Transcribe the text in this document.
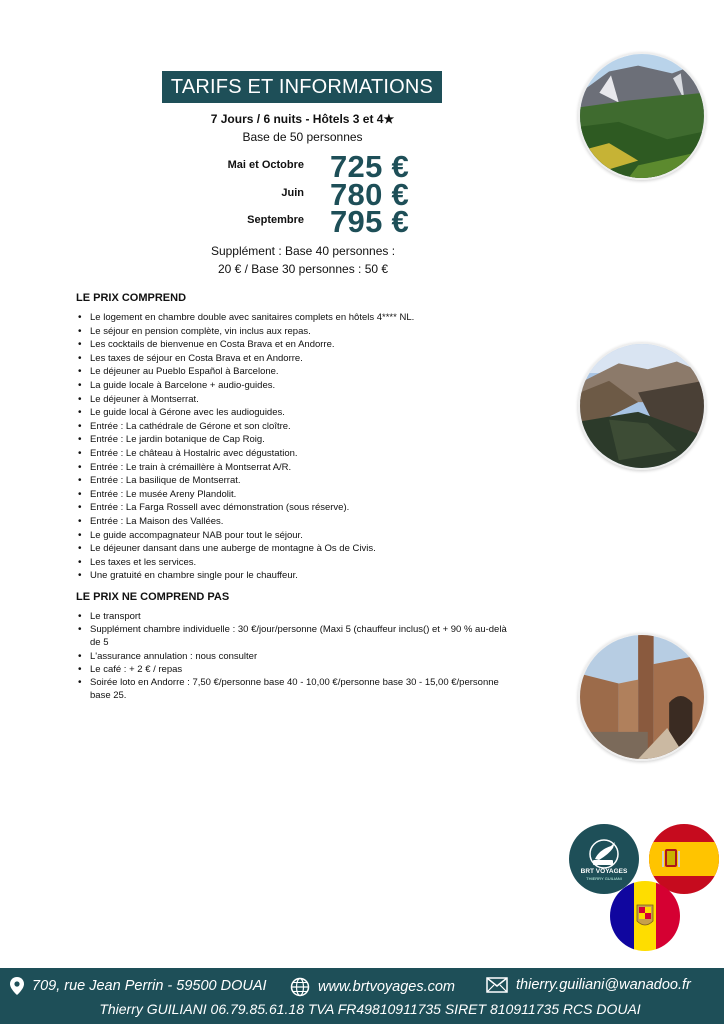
TARIFS ET INFORMATIONS
7 Jours / 6 nuits - Hôtels 3 et 4★
Base de 50 personnes
Mai et Octobre 725 €
Juin 780 €
Septembre 795 €
Supplément : Base 40 personnes :
20 € / Base 30 personnes : 50 €
LE PRIX COMPREND
• Le logement en chambre double avec sanitaires complets en hôtels 4**** NL.
• Le séjour en pension complète, vin inclus aux repas.
• Les cocktails de bienvenue en Costa Brava et en Andorre.
• Les taxes de séjour en Costa Brava et en Andorre.
• Le déjeuner au Pueblo Español à Barcelone.
• La guide locale à Barcelone + audio-guides.
• Le déjeuner à Montserrat.
• Le guide local à Gérone avec les audioguides.
• Entrée : La cathédrale de Gérone et son cloître.
• Entrée : Le jardin botanique de Cap Roig.
• Entrée : Le château à Hostalric avec dégustation.
• Entrée : Le train à crémaillère à Montserrat A/R.
• Entrée : La basilique de Montserrat.
• Entrée : Le musée Areny Plandolit.
• Entrée : La Farga Rossell avec démonstration (sous réserve).
• Entrée : La Maison des Vallées.
• Le guide accompagnateur NAB pour tout le séjour.
• Le déjeuner dansant dans une auberge de montagne à Os de Civis.
• Les taxes et les services.
• Une gratuité en chambre single pour le chauffeur.
LE PRIX NE COMPREND PAS
• Le transport
• Supplément chambre individuelle : 30 €/jour/personne (Maxi 5 (chauffeur inclus() et + 90 % au-delà de 5
• L'assurance annulation : nous consulter
• Le café : + 2 € / repas
• Soirée loto en Andorre : 7,50 €/personne base 40 - 10,00 €/personne base 30 - 15,00 €/personne base 25.
BRT VOYAGES
THIERRY GUILIANI
709, rue Jean Perrin - 59500 DOUAI	www.brtvoyages.com	thierry.guiliani@wanadoo.fr
Thierry GUILIANI 06.79.85.61.18 TVA FR49810911735 SIRET 810911735 RCS DOUAI
